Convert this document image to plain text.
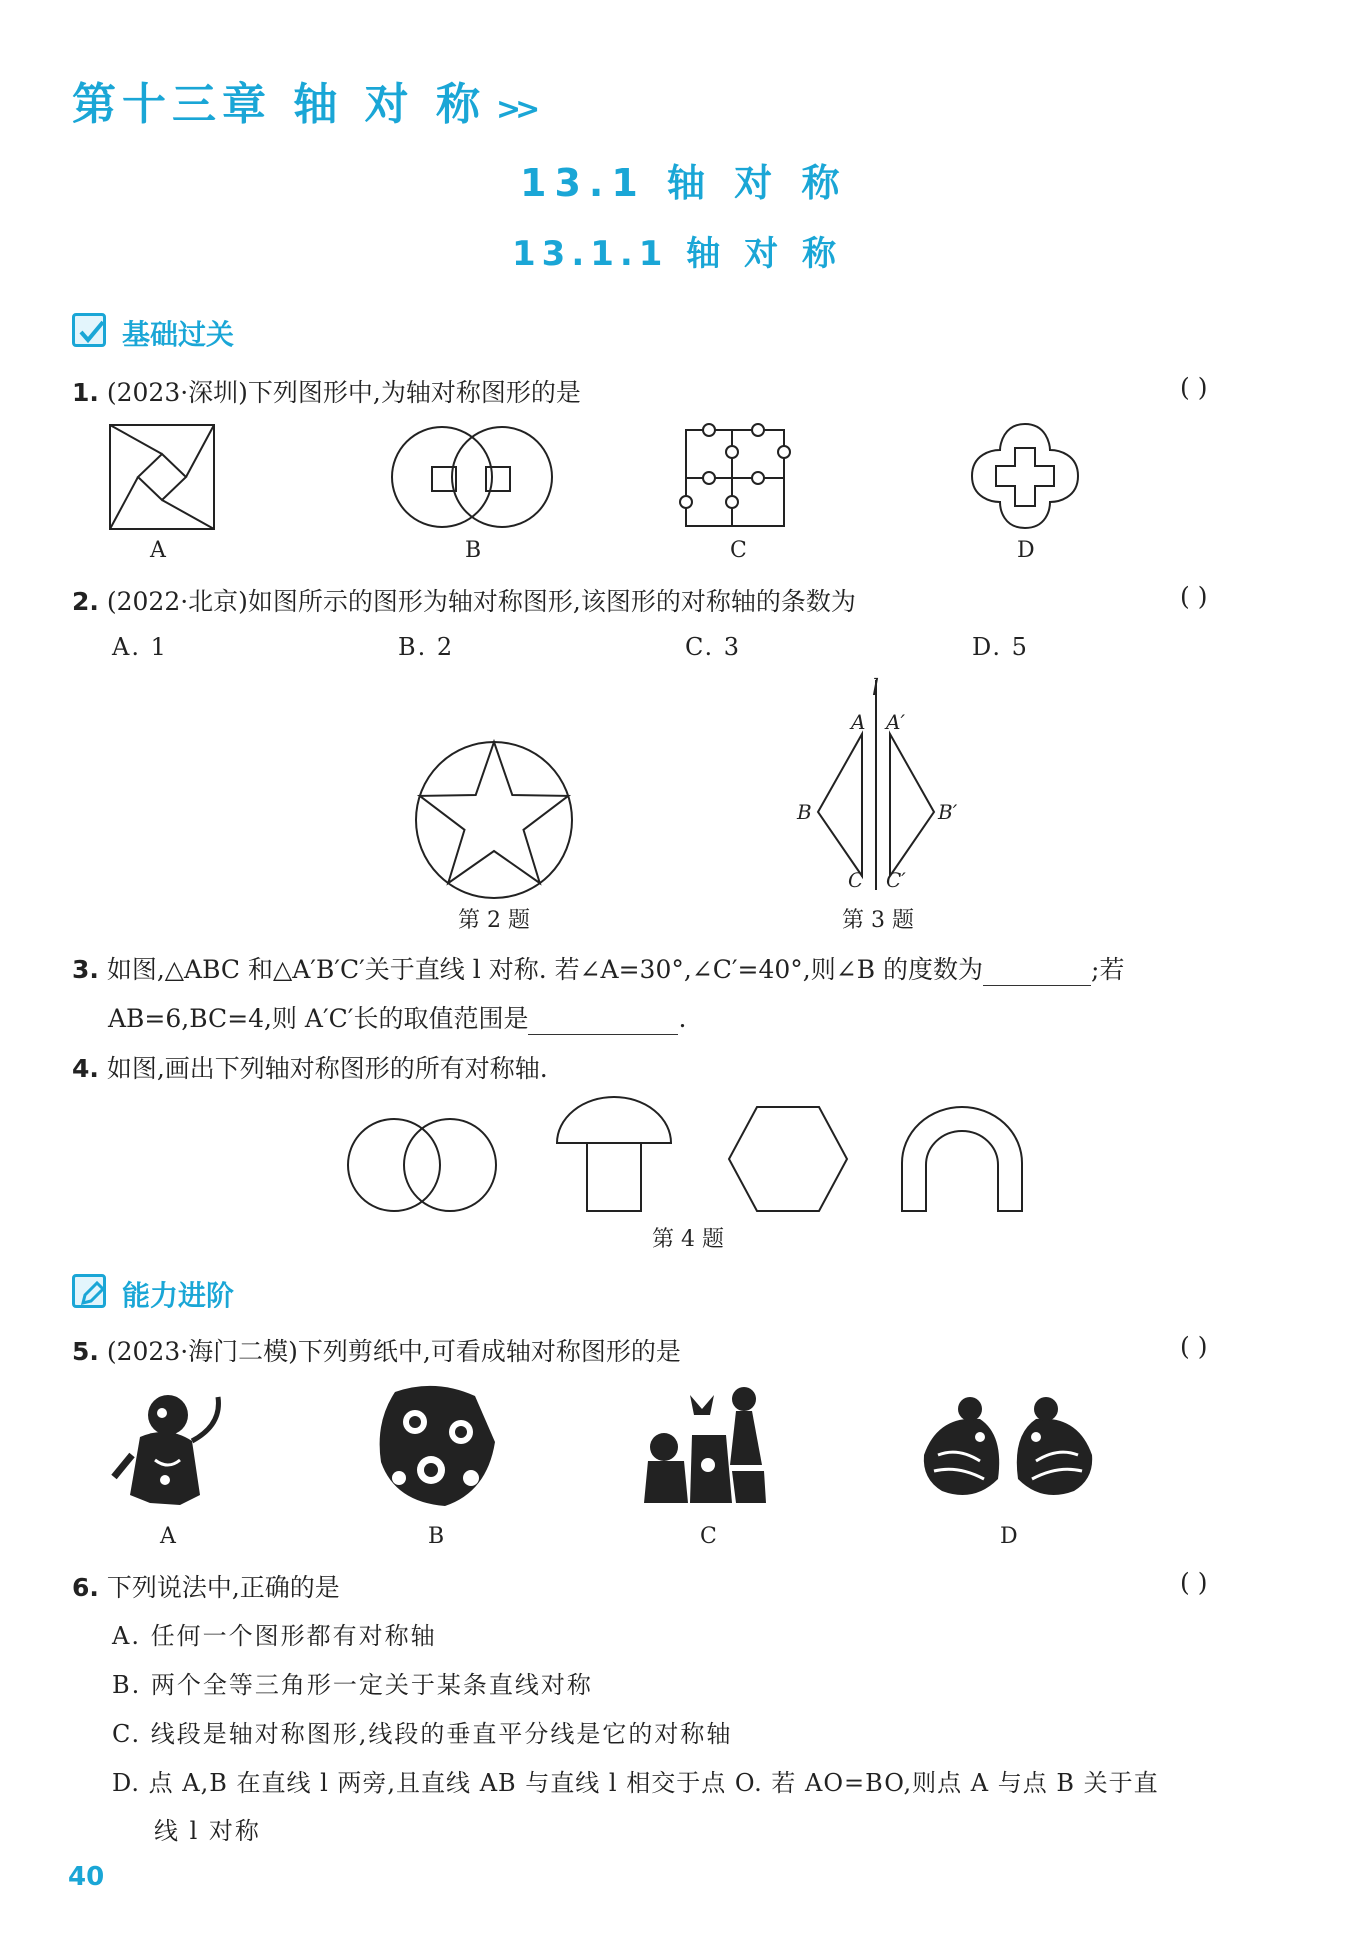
第十三章 轴 对 称 >>
13.1 轴 对 称
13.1.1 轴 对 称
基础过关
1. (2023·深圳)下列图形中,为轴对称图形的是	( )
A	B	C	D
2. (2022·北京)如图所示的图形为轴对称图形,该图形的对称轴的条数为	( )
A. 1	B. 2	C. 3	D. 5
第 2 题
l
A A′
B	B′
C C′
第 3 题
3. 如图,△ABC 和△A′B′C′关于直线 l 对称. 若∠A=30°,∠C′=40°,则∠B 的度数为	;若
AB=6,BC=4,则 A′C′长的取值范围是	.
4. 如图,画出下列轴对称图形的所有对称轴.
第 4 题
能力进阶
5. (2023·海门二模)下列剪纸中,可看成轴对称图形的是	( )
A	B	C	D
6. 下列说法中,正确的是	( )
A. 任何一个图形都有对称轴
B. 两个全等三角形一定关于某条直线对称
C. 线段是轴对称图形,线段的垂直平分线是它的对称轴
D. 点 A,B 在直线 l 两旁,且直线 AB 与直线 l 相交于点 O. 若 AO=BO,则点 A 与点 B 关于直
线 l 对称
40
